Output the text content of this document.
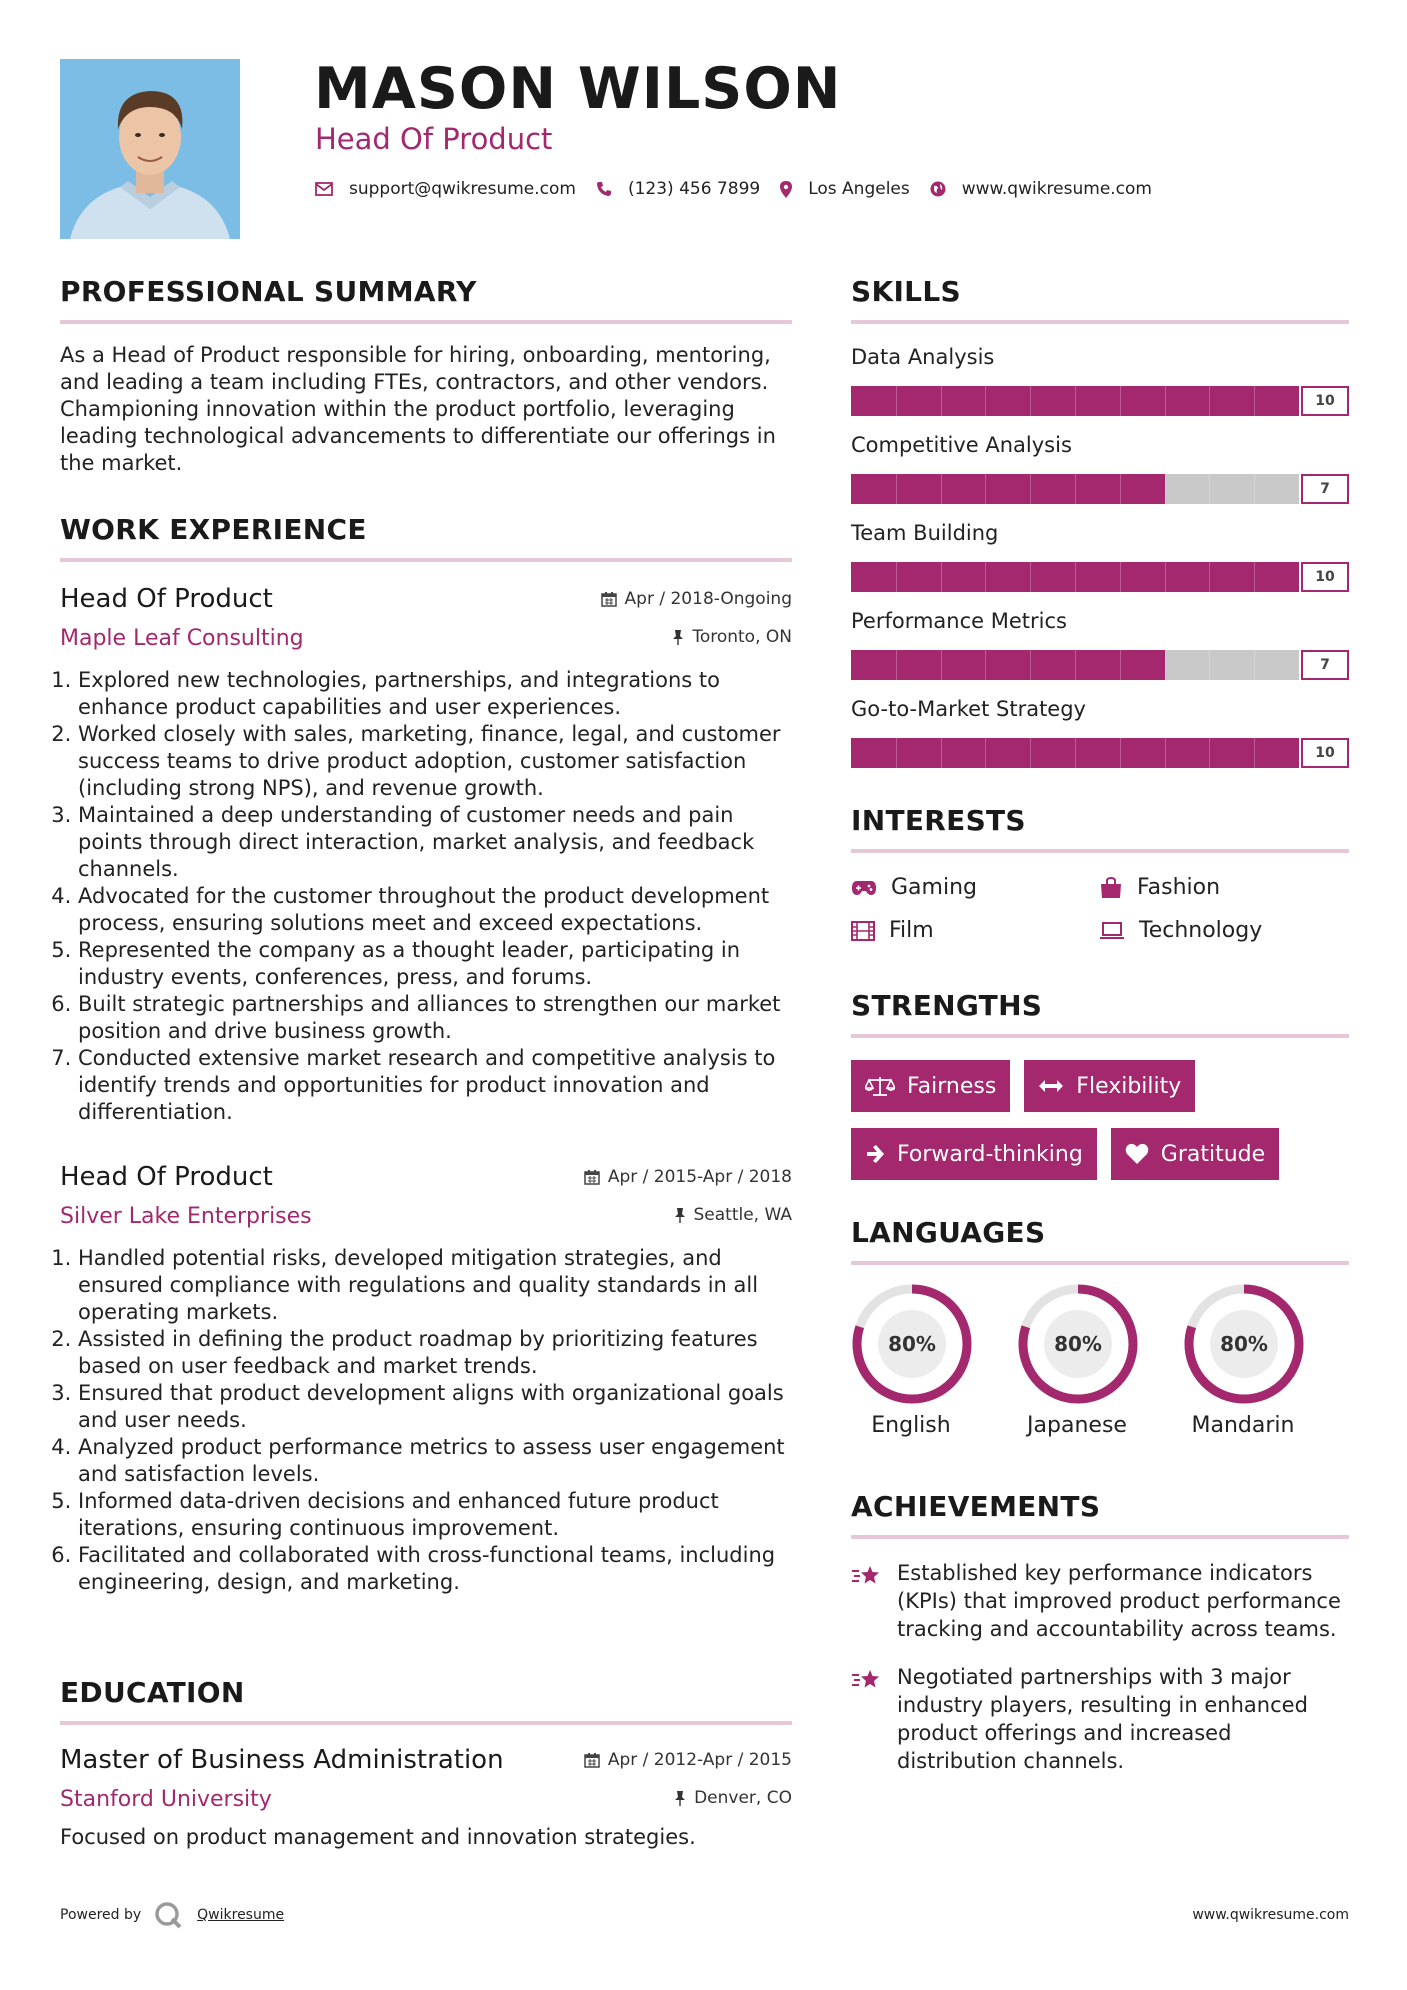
MASON WILSON
Head Of Product
support@qwikresume.com	(123) 456 7899	Los Angeles	www.qwikresume.com
PROFESSIONAL SUMMARY
As a Head of Product responsible for hiring, onboarding, mentoring, and leading a team including FTEs, contractors, and other vendors. Championing innovation within the product portfolio, leveraging leading technological advancements to differentiate our offerings in the market.
WORK EXPERIENCE
Head Of Product	Apr / 2018-Ongoing
Maple Leaf Consulting	Toronto, ON
1. Explored new technologies, partnerships, and integrations to enhance product capabilities and user experiences.
2. Worked closely with sales, marketing, finance, legal, and customer success teams to drive product adoption, customer satisfaction (including strong NPS), and revenue growth.
3. Maintained a deep understanding of customer needs and pain points through direct interaction, market analysis, and feedback channels.
4. Advocated for the customer throughout the product development process, ensuring solutions meet and exceed expectations.
5. Represented the company as a thought leader, participating in industry events, conferences, press, and forums.
6. Built strategic partnerships and alliances to strengthen our market position and drive business growth.
7. Conducted extensive market research and competitive analysis to identify trends and opportunities for product innovation and differentiation.
Head Of Product	Apr / 2015-Apr / 2018
Silver Lake Enterprises	Seattle, WA
1. Handled potential risks, developed mitigation strategies, and ensured compliance with regulations and quality standards in all operating markets.
2. Assisted in defining the product roadmap by prioritizing features based on user feedback and market trends.
3. Ensured that product development aligns with organizational goals and user needs.
4. Analyzed product performance metrics to assess user engagement and satisfaction levels.
5. Informed data-driven decisions and enhanced future product iterations, ensuring continuous improvement.
6. Facilitated and collaborated with cross-functional teams, including engineering, design, and marketing.
EDUCATION
Master of Business Administration	Apr / 2012-Apr / 2015
Stanford University	Denver, CO
Focused on product management and innovation strategies.
SKILLS
Data Analysis
10
Competitive Analysis
7
Team Building
10
Performance Metrics
7
Go-to-Market Strategy
10
INTERESTS
Gaming	Fashion
Film	Technology
STRENGTHS
Fairness	Flexibility
Forward-thinking	Gratitude
LANGUAGES
80%
English
80%
Japanese
80%
Mandarin
ACHIEVEMENTS
Established key performance indicators (KPIs) that improved product performance tracking and accountability across teams.
Negotiated partnerships with 3 major industry players, resulting in enhanced product offerings and increased distribution channels.
Powered by	Qwikresume	www.qwikresume.com
